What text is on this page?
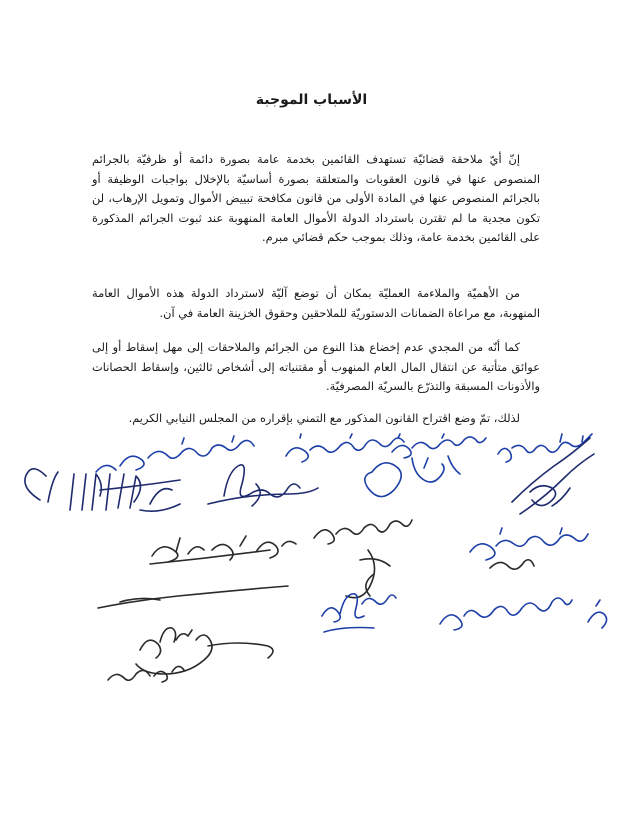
الأسباب الموجبة

إنّ أيّ ملاحقة قضائيّة تستهدف القائمين بخدمة عامة بصورة دائمة أو ظرفيّة بالجرائم المنصوص عنها في قانون العقوبات والمتعلقة بصورة أساسيّة بالإخلال بواجبات الوظيفة أو بالجرائم المنصوص عنها في المادة الأولى من قانون مكافحة تبييض الأموال وتمويل الإرهاب، لن تكون مجدية ما لم تقترن باسترداد الدولة الأموال العامة المنهوبة عند ثبوت الجرائم المذكورة على القائمين بخدمة عامة، وذلك بموجب حكم قضائي مبرم.

من الأهميّة والملاءمة العمليّة بمكان أن توضع آليّة لاسترداد الدولة هذه الأموال العامة المنهوبة، مع مراعاة الضمانات الدستوريّة للملاحقين وحقوق الخزينة العامة في آن.

كما أنّه من المجدي عدم إخضاع هذا النوع من الجرائم والملاحقات إلى مهل إسقاط أو إلى عوائق متأتية عن انتقال المال العام المنهوب أو مقتنياته إلى أشخاص ثالثين، وإسقاط الحصانات والأذونات المسبقة والتذرّع بالسريّة المصرفيّة.

لذلك، تمّ وضع اقتراح القانون المذكور مع التمني بإقراره من المجلس النيابي الكريم.
